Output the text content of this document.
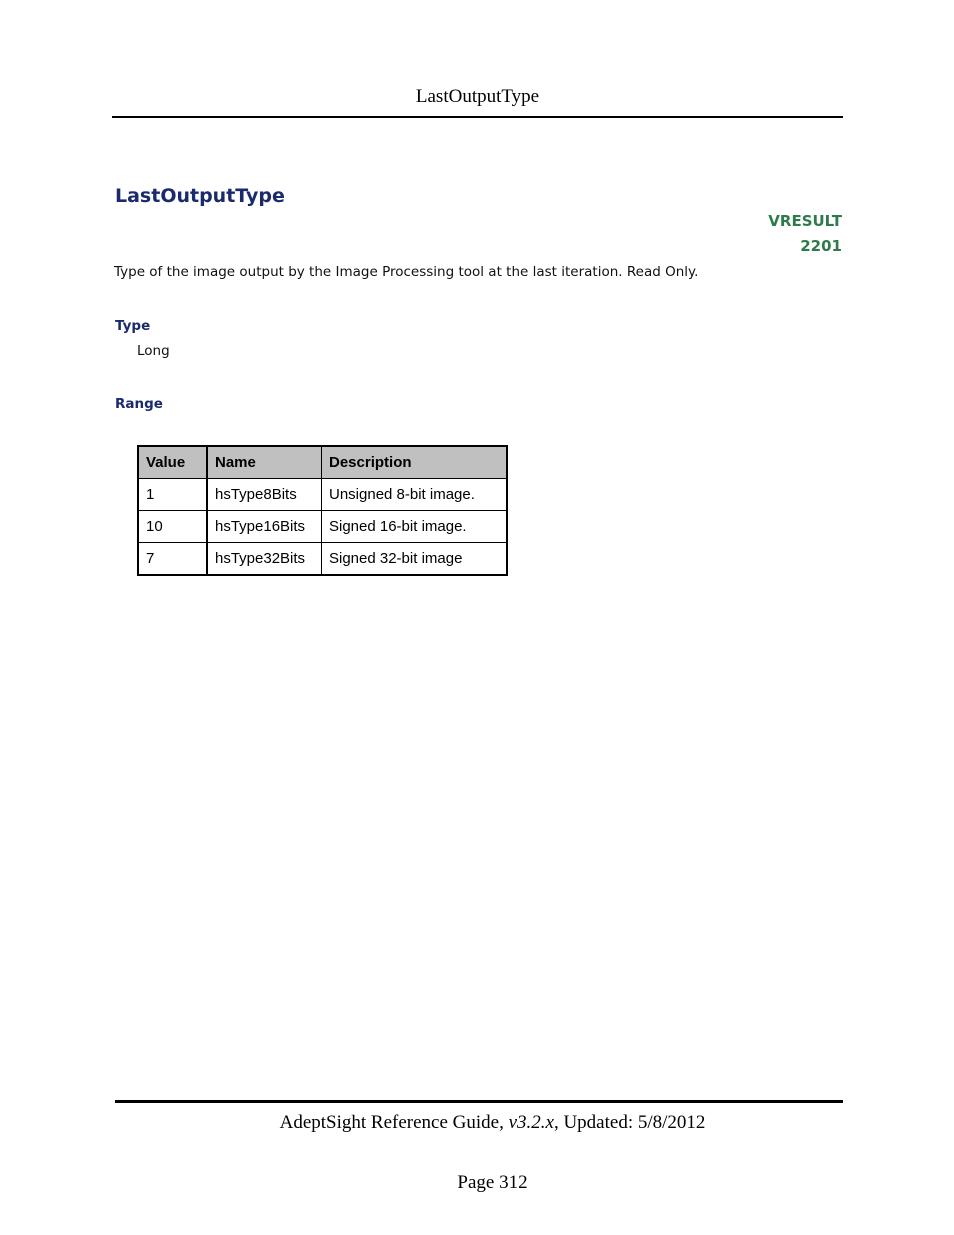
LastOutputType
LastOutputType
VRESULT
2201
Type of the image output by the Image Processing tool at the last iteration. Read Only.
Type
Long
Range
Value	Name	Description
1	hsType8Bits	Unsigned 8-bit image.
10	hsType16Bits	Signed 16-bit image.
7	hsType32Bits	Signed 32-bit image
AdeptSight Reference Guide, v3.2.x, Updated: 5/8/2012
Page 312
